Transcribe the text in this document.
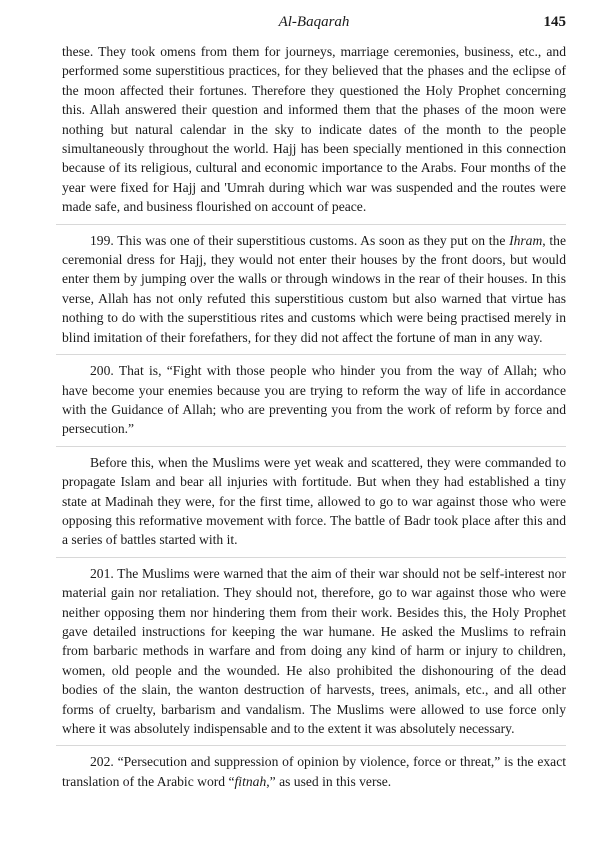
Al-Baqarah	145

these. They took omens from them for journeys, marriage ceremonies, business, etc., and performed some superstitious practices, for they believed that the phases and the eclipse of the moon affected their fortunes. Therefore they questioned the Holy Prophet concerning this. Allah answered their question and informed them that the phases of the moon were nothing but natural calendar in the sky to indicate dates of the month to the people simultaneously throughout the world. Hajj has been specially mentioned in this connection because of its religious, cultural and economic importance to the Arabs. Four months of the year were fixed for Hajj and 'Umrah during which war was suspended and the routes were made safe, and business flourished on account of peace.

199. This was one of their superstitious customs. As soon as they put on the Ihram, the ceremonial dress for Hajj, they would not enter their houses by the front doors, but would enter them by jumping over the walls or through windows in the rear of their houses. In this verse, Allah has not only refuted this superstitious custom but also warned that virtue has nothing to do with the superstitious rites and customs which were being practised merely in blind imitation of their forefathers, for they did not affect the fortune of man in any way.

200. That is, “Fight with those people who hinder you from the way of Allah; who have become your enemies because you are trying to reform the way of life in accordance with the Guidance of Allah; who are preventing you from the work of reform by force and persecution.”

Before this, when the Muslims were yet weak and scattered, they were commanded to propagate Islam and bear all injuries with fortitude. But when they had established a tiny state at Madinah they were, for the first time, allowed to go to war against those who were opposing this reformative movement with force. The battle of Badr took place after this and a series of battles started with it.

201. The Muslims were warned that the aim of their war should not be self-interest nor material gain nor retaliation. They should not, therefore, go to war against those who were neither opposing them nor hindering them from their work. Besides this, the Holy Prophet gave detailed instructions for keeping the war humane. He asked the Muslims to refrain from barbaric methods in warfare and from doing any kind of harm or injury to children, women, old people and the wounded. He also prohibited the dishonouring of the dead bodies of the slain, the wanton destruction of harvests, trees, animals, etc., and all other forms of cruelty, barbarism and vandalism. The Muslims were allowed to use force only where it was absolutely indispensable and to the extent it was absolutely necessary.

202. “Persecution and suppression of opinion by violence, force or threat,” is the exact translation of the Arabic word “fitnah,” as used in this verse.
